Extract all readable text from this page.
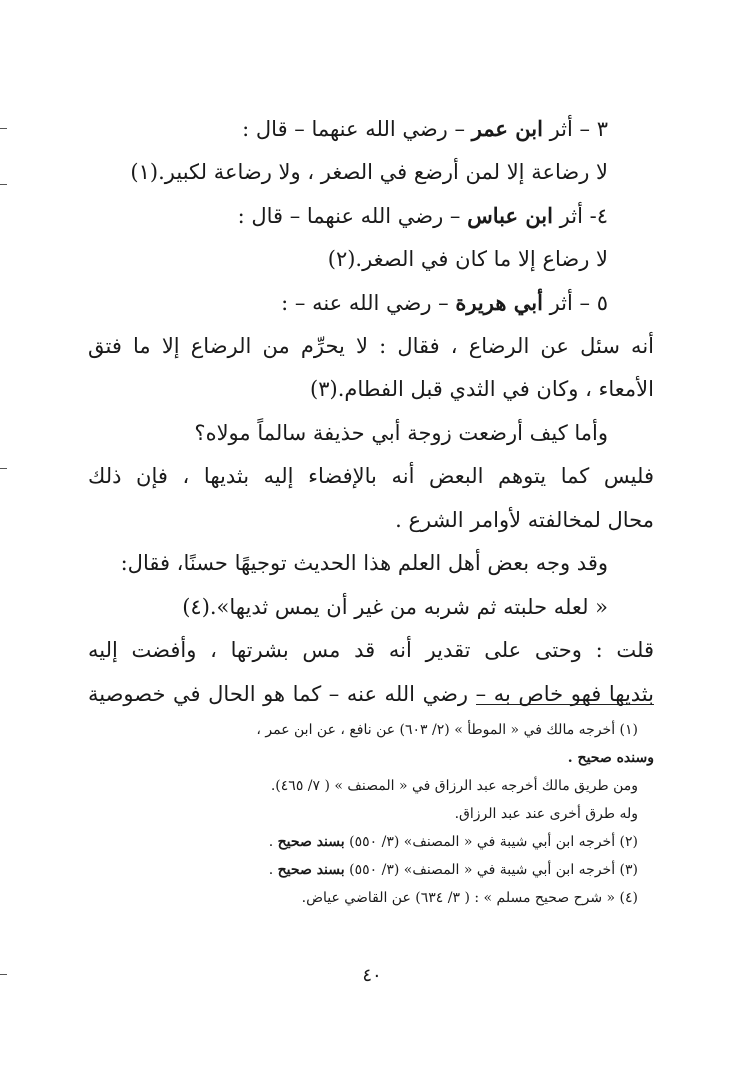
٣ – أثر ابن عمر – رضي الله عنهما – قال :
لا رضاعة إلا لمن أرضع في الصغر ، ولا رضاعة لكبير.(١)
٤- أثر ابن عباس – رضي الله عنهما – قال :
لا رضاع إلا ما كان في الصغر.(٢)
٥ – أثر أبي هريرة – رضي الله عنه – :
أنه سئل عن الرضاع ، فقال : لا يحرِّم من الرضاع إلا ما فتق
الأمعاء ، وكان في الثدي قبل الفطام.(٣)
وأما كيف أرضعت زوجة أبي حذيفة سالماً مولاه؟
فليس كما يتوهم البعض أنه بالإفضاء إليه بثديها ، فإن ذلك
محال لمخالفته لأوامر الشرع .
وقد وجه بعض أهل العلم هذا الحديث توجيهًا حسنًا، فقال:
« لعله حلبته ثم شربه من غير أن يمس ثديها».(٤)
قلت : وحتى على تقدير أنه قد مس بشرتها ، وأفضت إليه
بثديها فهو خاص به – رضي الله عنه – كما هو الحال في خصوصية
(١) أخرجه مالك في « الموطأ » (٢/ ٦٠٣) عن نافع ، عن ابن عمر ،
وسنده صحيح .
ومن طريق مالك أخرجه عبد الرزاق في « المصنف » ( ٧/ ٤٦٥).
وله طرق أخرى عند عبد الرزاق.
(٢) أخرجه ابن أبي شيبة في « المصنف» (٣/ ٥٥٠) بسند صحيح .
(٣) أخرجه ابن أبي شيبة في « المصنف» (٣/ ٥٥٠) بسند صحيح .
(٤) « شرح صحيح مسلم » : ( ٣/ ٦٣٤) عن القاضي عياض.
٤٠
